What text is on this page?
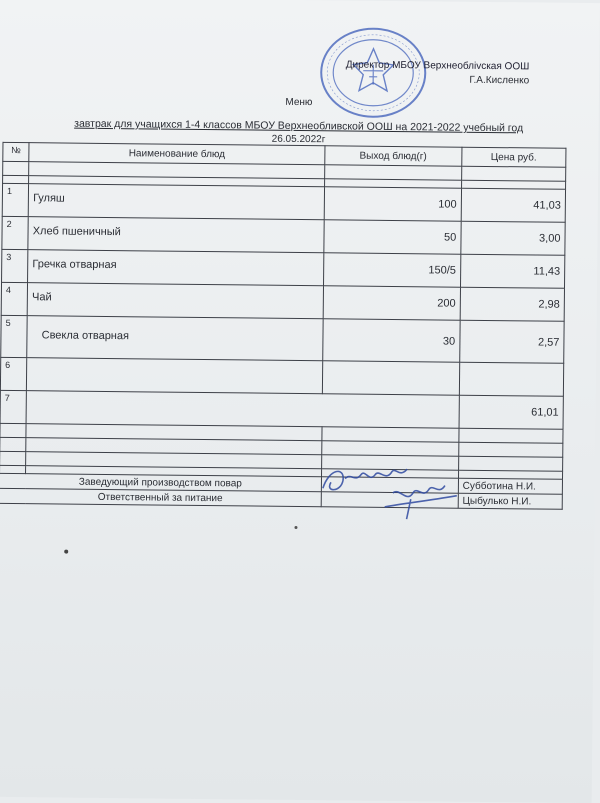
Директор МБОУ Верхнеоблivская ООШ
Г.А.Кисленко
Меню
завтрак для учащихся 1-4 классов МБОУ Верхнеобливской ООШ на 2021-2022 учебный год
26.05.2022г
№	Наименование блюд	Выход блюд(г)	Цена руб.

1	Гуляш	100	41,03
2	Хлеб пшеничный	50	3,00
3	Гречка отварная	150/5	11,43
4	Чай	200	2,98
5	Свекла отварная	30	2,57
6			
7			61,01

Заведующий производством повар			Субботина Н.И.
Ответственный за питание			Цыбулько Н.И.
